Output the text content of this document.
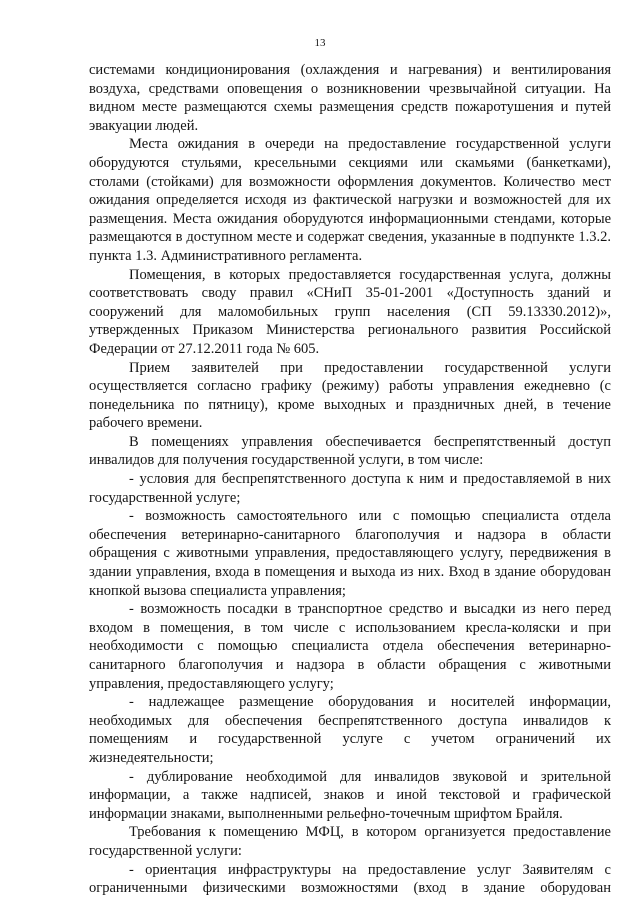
13

системами кондиционирования (охлаждения и нагревания) и вентилирования воздуха, средствами оповещения о возникновении чрезвычайной ситуации. На видном месте размещаются схемы размещения средств пожаротушения и путей эвакуации людей.

Места ожидания в очереди на предоставление государственной услуги оборудуются стульями, кресельными секциями или скамьями (банкетками), столами (стойками) для возможности оформления документов. Количество мест ожидания определяется исходя из фактической нагрузки и возможностей для их размещения. Места ожидания оборудуются информационными стендами, которые размещаются в доступном месте и содержат сведения, указанные в подпункте 1.3.2. пункта 1.3. Административного регламента.

Помещения, в которых предоставляется государственная услуга, должны соответствовать своду правил «СНиП 35-01-2001 «Доступность зданий и сооружений для маломобильных групп населения (СП 59.13330.2012)», утвержденных Приказом Министерства регионального развития Российской Федерации от 27.12.2011 года № 605.

Прием заявителей при предоставлении государственной услуги осуществляется согласно графику (режиму) работы управления ежедневно (с понедельника по пятницу), кроме выходных и праздничных дней, в течение рабочего времени.

В помещениях управления обеспечивается беспрепятственный доступ инвалидов для получения государственной услуги, в том числе:

- условия для беспрепятственного доступа к ним и предоставляемой в них государственной услуге;

- возможность самостоятельного или с помощью специалиста отдела обеспечения ветеринарно-санитарного благополучия и надзора в области обращения с животными управления, предоставляющего услугу, передвижения в здании управления, входа в помещения и выхода из них. Вход в здание оборудован кнопкой вызова специалиста управления;

- возможность посадки в транспортное средство и высадки из него перед входом в помещения, в том числе с использованием кресла-коляски и при необходимости с помощью специалиста отдела обеспечения ветеринарно-санитарного благополучия и надзора в области обращения с животными управления, предоставляющего услугу;

- надлежащее размещение оборудования и носителей информации, необходимых для обеспечения беспрепятственного доступа инвалидов к помещениям и государственной услуге с учетом ограничений их жизнедеятельности;

- дублирование необходимой для инвалидов звуковой и зрительной информации, а также надписей, знаков и иной текстовой и графической информации знаками, выполненными рельефно-точечным шрифтом Брайля.

Требования к помещению МФЦ, в котором организуется предоставление государственной услуги:

- ориентация инфраструктуры на предоставление услуг Заявителям с ограниченными физическими возможностями (вход в здание оборудован
